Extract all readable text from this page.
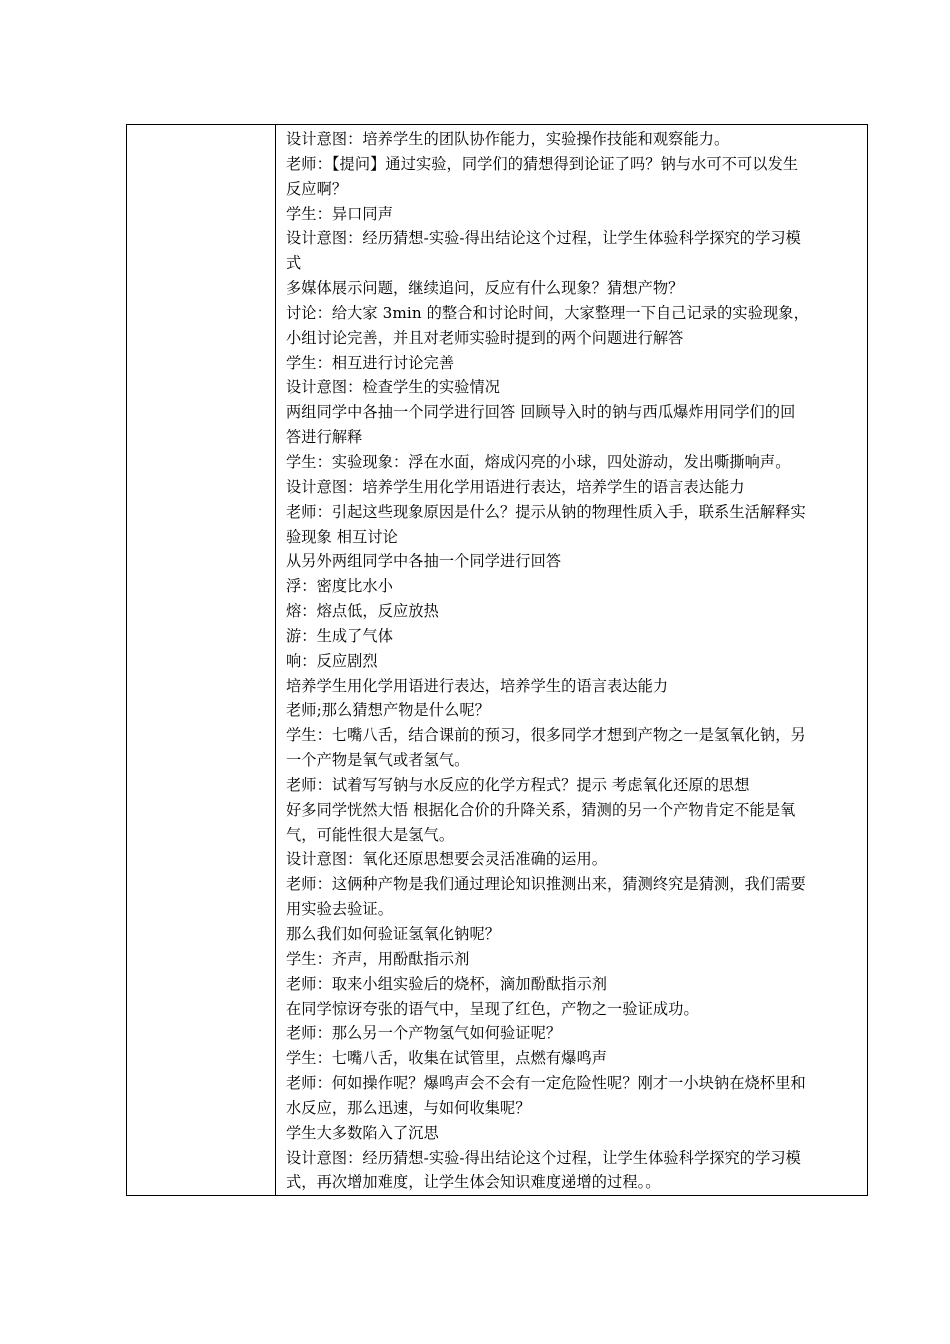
设计意图：培养学生的团队协作能力，实验操作技能和观察能力。
老师：【提问】通过实验，同学们的猜想得到论证了吗？钠与水可不可以发生
反应啊？
学生：异口同声
设计意图：经历猜想-实验-得出结论这个过程，让学生体验科学探究的学习模
式
多媒体展示问题，继续追问，反应有什么现象？猜想产物？
讨论：给大家 3min 的整合和讨论时间，大家整理一下自己记录的实验现象，
小组讨论完善，并且对老师实验时提到的两个问题进行解答
学生：相互进行讨论完善
设计意图：检查学生的实验情况
两组同学中各抽一个同学进行回答 回顾导入时的钠与西瓜爆炸用同学们的回
答进行解释
学生：实验现象：浮在水面，熔成闪亮的小球，四处游动，发出嘶撕响声。
设计意图：培养学生用化学用语进行表达，培养学生的语言表达能力
老师：引起这些现象原因是什么？提示从钠的物理性质入手，联系生活解释实
验现象 相互讨论
从另外两组同学中各抽一个同学进行回答
浮：密度比水小
熔：熔点低，反应放热
游：生成了气体
响：反应剧烈
培养学生用化学用语进行表达，培养学生的语言表达能力
老师;那么猜想产物是什么呢？
学生：七嘴八舌，结合课前的预习，很多同学才想到产物之一是氢氧化钠，另
一个产物是氧气或者氢气。
老师：试着写写钠与水反应的化学方程式？提示 考虑氧化还原的思想
好多同学恍然大悟 根据化合价的升降关系，猜测的另一个产物肯定不能是氧
气，可能性很大是氢气。
设计意图：氧化还原思想要会灵活准确的运用。
老师：这俩种产物是我们通过理论知识推测出来，猜测终究是猜测，我们需要
用实验去验证。
那么我们如何验证氢氧化钠呢？
学生：齐声，用酚酞指示剂
老师：取来小组实验后的烧杯，滴加酚酞指示剂
在同学惊讶夸张的语气中，呈现了红色，产物之一验证成功。
老师：那么另一个产物氢气如何验证呢？
学生：七嘴八舌，收集在试管里，点燃有爆鸣声
老师：何如操作呢？爆鸣声会不会有一定危险性呢？刚才一小块钠在烧杯里和
水反应，那么迅速，与如何收集呢？
学生大多数陷入了沉思
设计意图：经历猜想-实验-得出结论这个过程，让学生体验科学探究的学习模
式，再次增加难度，让学生体会知识难度递增的过程。。
